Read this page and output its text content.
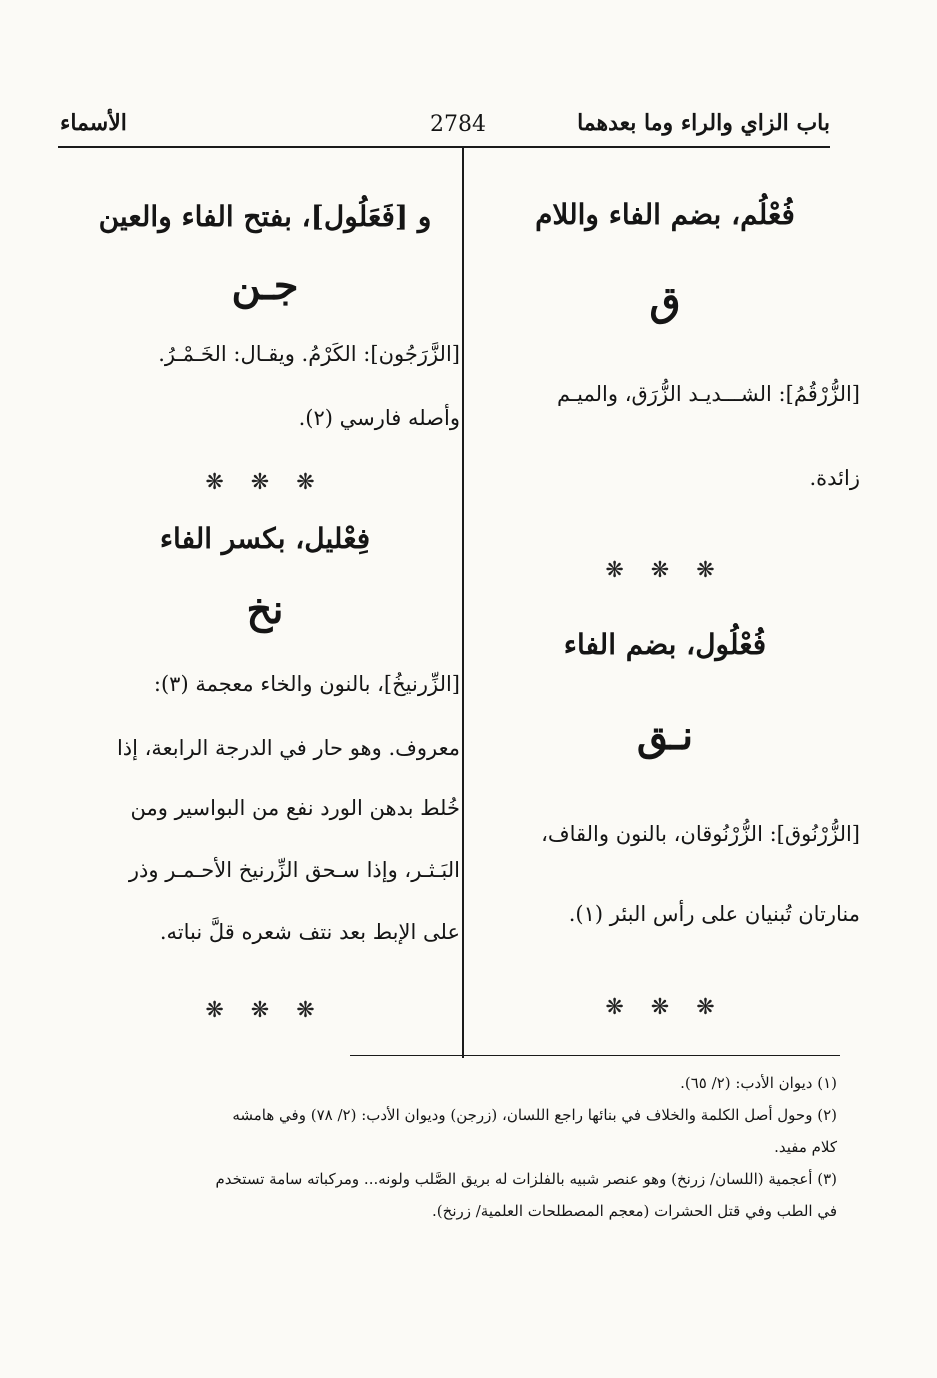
باب الزاي والراء وما بعدهما
2784
الأسماء
فُعْلُم، بضم الفاء واللام
ق
[الزُّرْقُمُ]: الشـــديـد الزُّرَق، والميـم
زائدة.
❋ ❋ ❋
فُعْلُول، بضم الفاء
نـق
[الزُّرْنُوق]: الزُّرْنُوقان، بالنون والقاف،
منارتان تُبنيان على رأس البئر (١).
❋ ❋ ❋
و [فَعَلُول]، بفتح الفاء والعين
جـن
[الزَّرَجُون]: الكَرْمُ. ويقـال: الخَـمْـرُ.
وأصله فارسي (٢).
❋ ❋ ❋
فِعْليل، بكسر الفاء
نخ
[الزِّرنيخُ]، بالنون والخاء معجمة (٣):
معروف. وهو حار في الدرجة الرابعة، إذا
خُلط بدهن الورد نفع من البواسير ومن
البَـثـر، وإذا سـحق الزِّرنيخ الأحـمـر وذر
على الإبط بعد نتف شعره قلَّ نباته.
❋ ❋ ❋
(١) ديوان الأدب: (٢/ ٦٥).
(٢) وحول أصل الكلمة والخلاف في بنائها راجع اللسان، (زرجن) وديوان الأدب: (٢/ ٧٨) وفي هامشه
كلام مفيد.
(٣) أعجمية (اللسان/ زرنخ) وهو عنصر شبيه بالفلزات له بريق الصَّلب ولونه... ومركباته سامة تستخدم
في الطب وفي قتل الحشرات (معجم المصطلحات العلمية/ زرنخ).
